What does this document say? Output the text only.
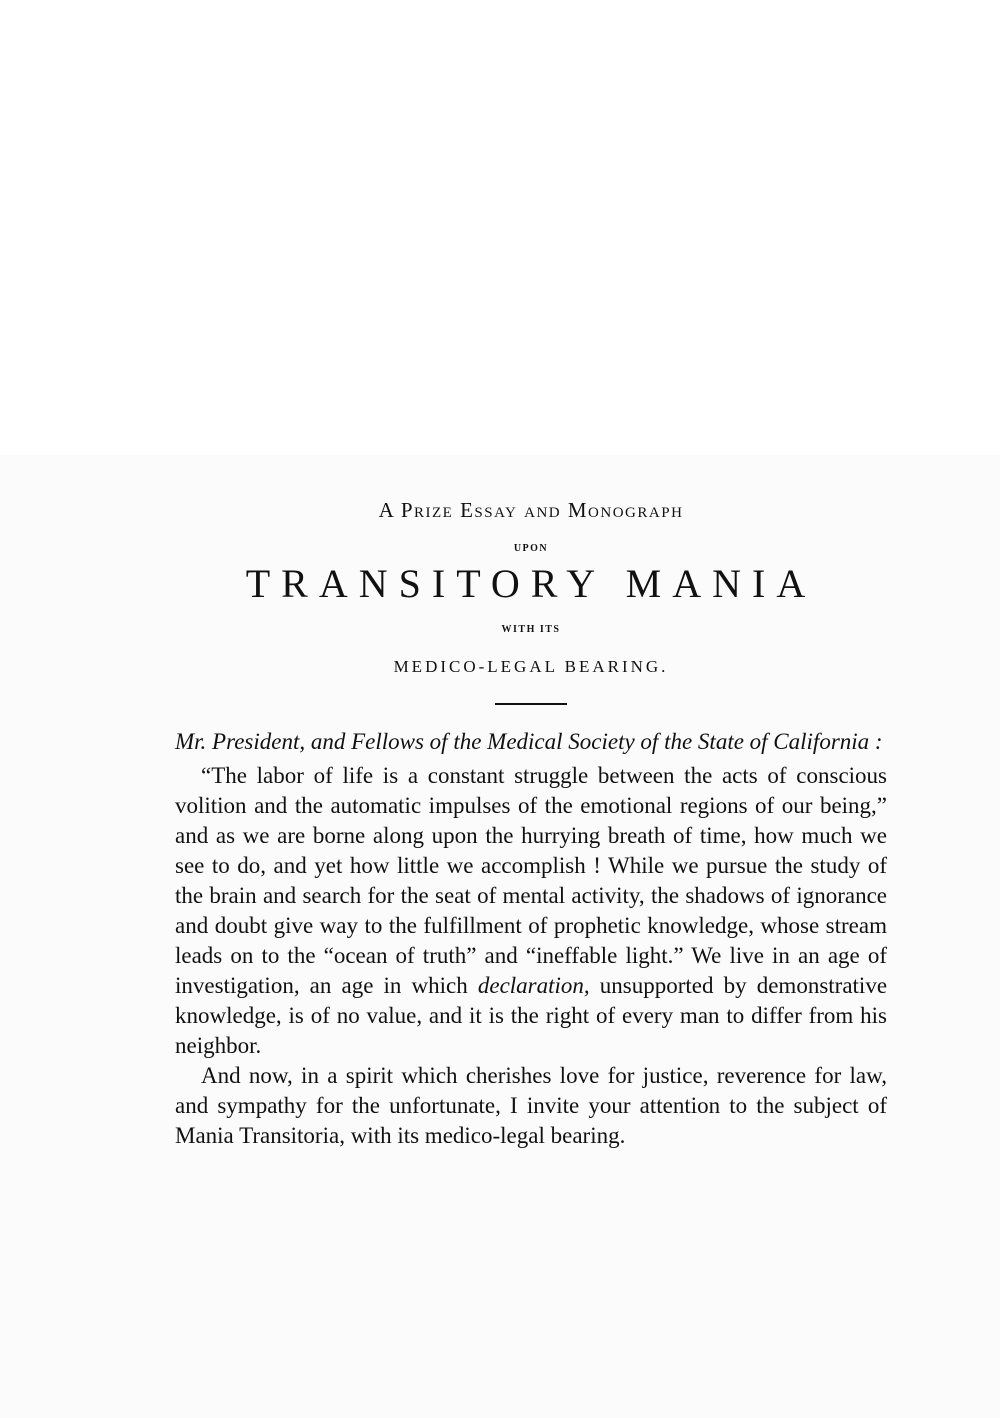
A Prize Essay and Monograph
UPON
TRANSITORY MANIA
WITH ITS
MEDICO-LEGAL BEARING.
Mr. President, and Fellows of the Medical Society of the State of California :

“The labor of life is a constant struggle between the acts of conscious volition and the automatic impulses of the emotional regions of our being,” and as we are borne along upon the hurrying breath of time, how much we see to do, and yet how little we accomplish ! While we pursue the study of the brain and search for the seat of mental activity, the shadows of ignorance and doubt give way to the fulfillment of prophetic knowledge, whose stream leads on to the “ocean of truth” and “ineffable light.” We live in an age of investigation, an age in which declaration, unsupported by demonstrative knowledge, is of no value, and it is the right of every man to differ from his neighbor.

And now, in a spirit which cherishes love for justice, reverence for law, and sympathy for the unfortunate, I invite your attention to the subject of Mania Transitoria, with its medico-legal bearing.
